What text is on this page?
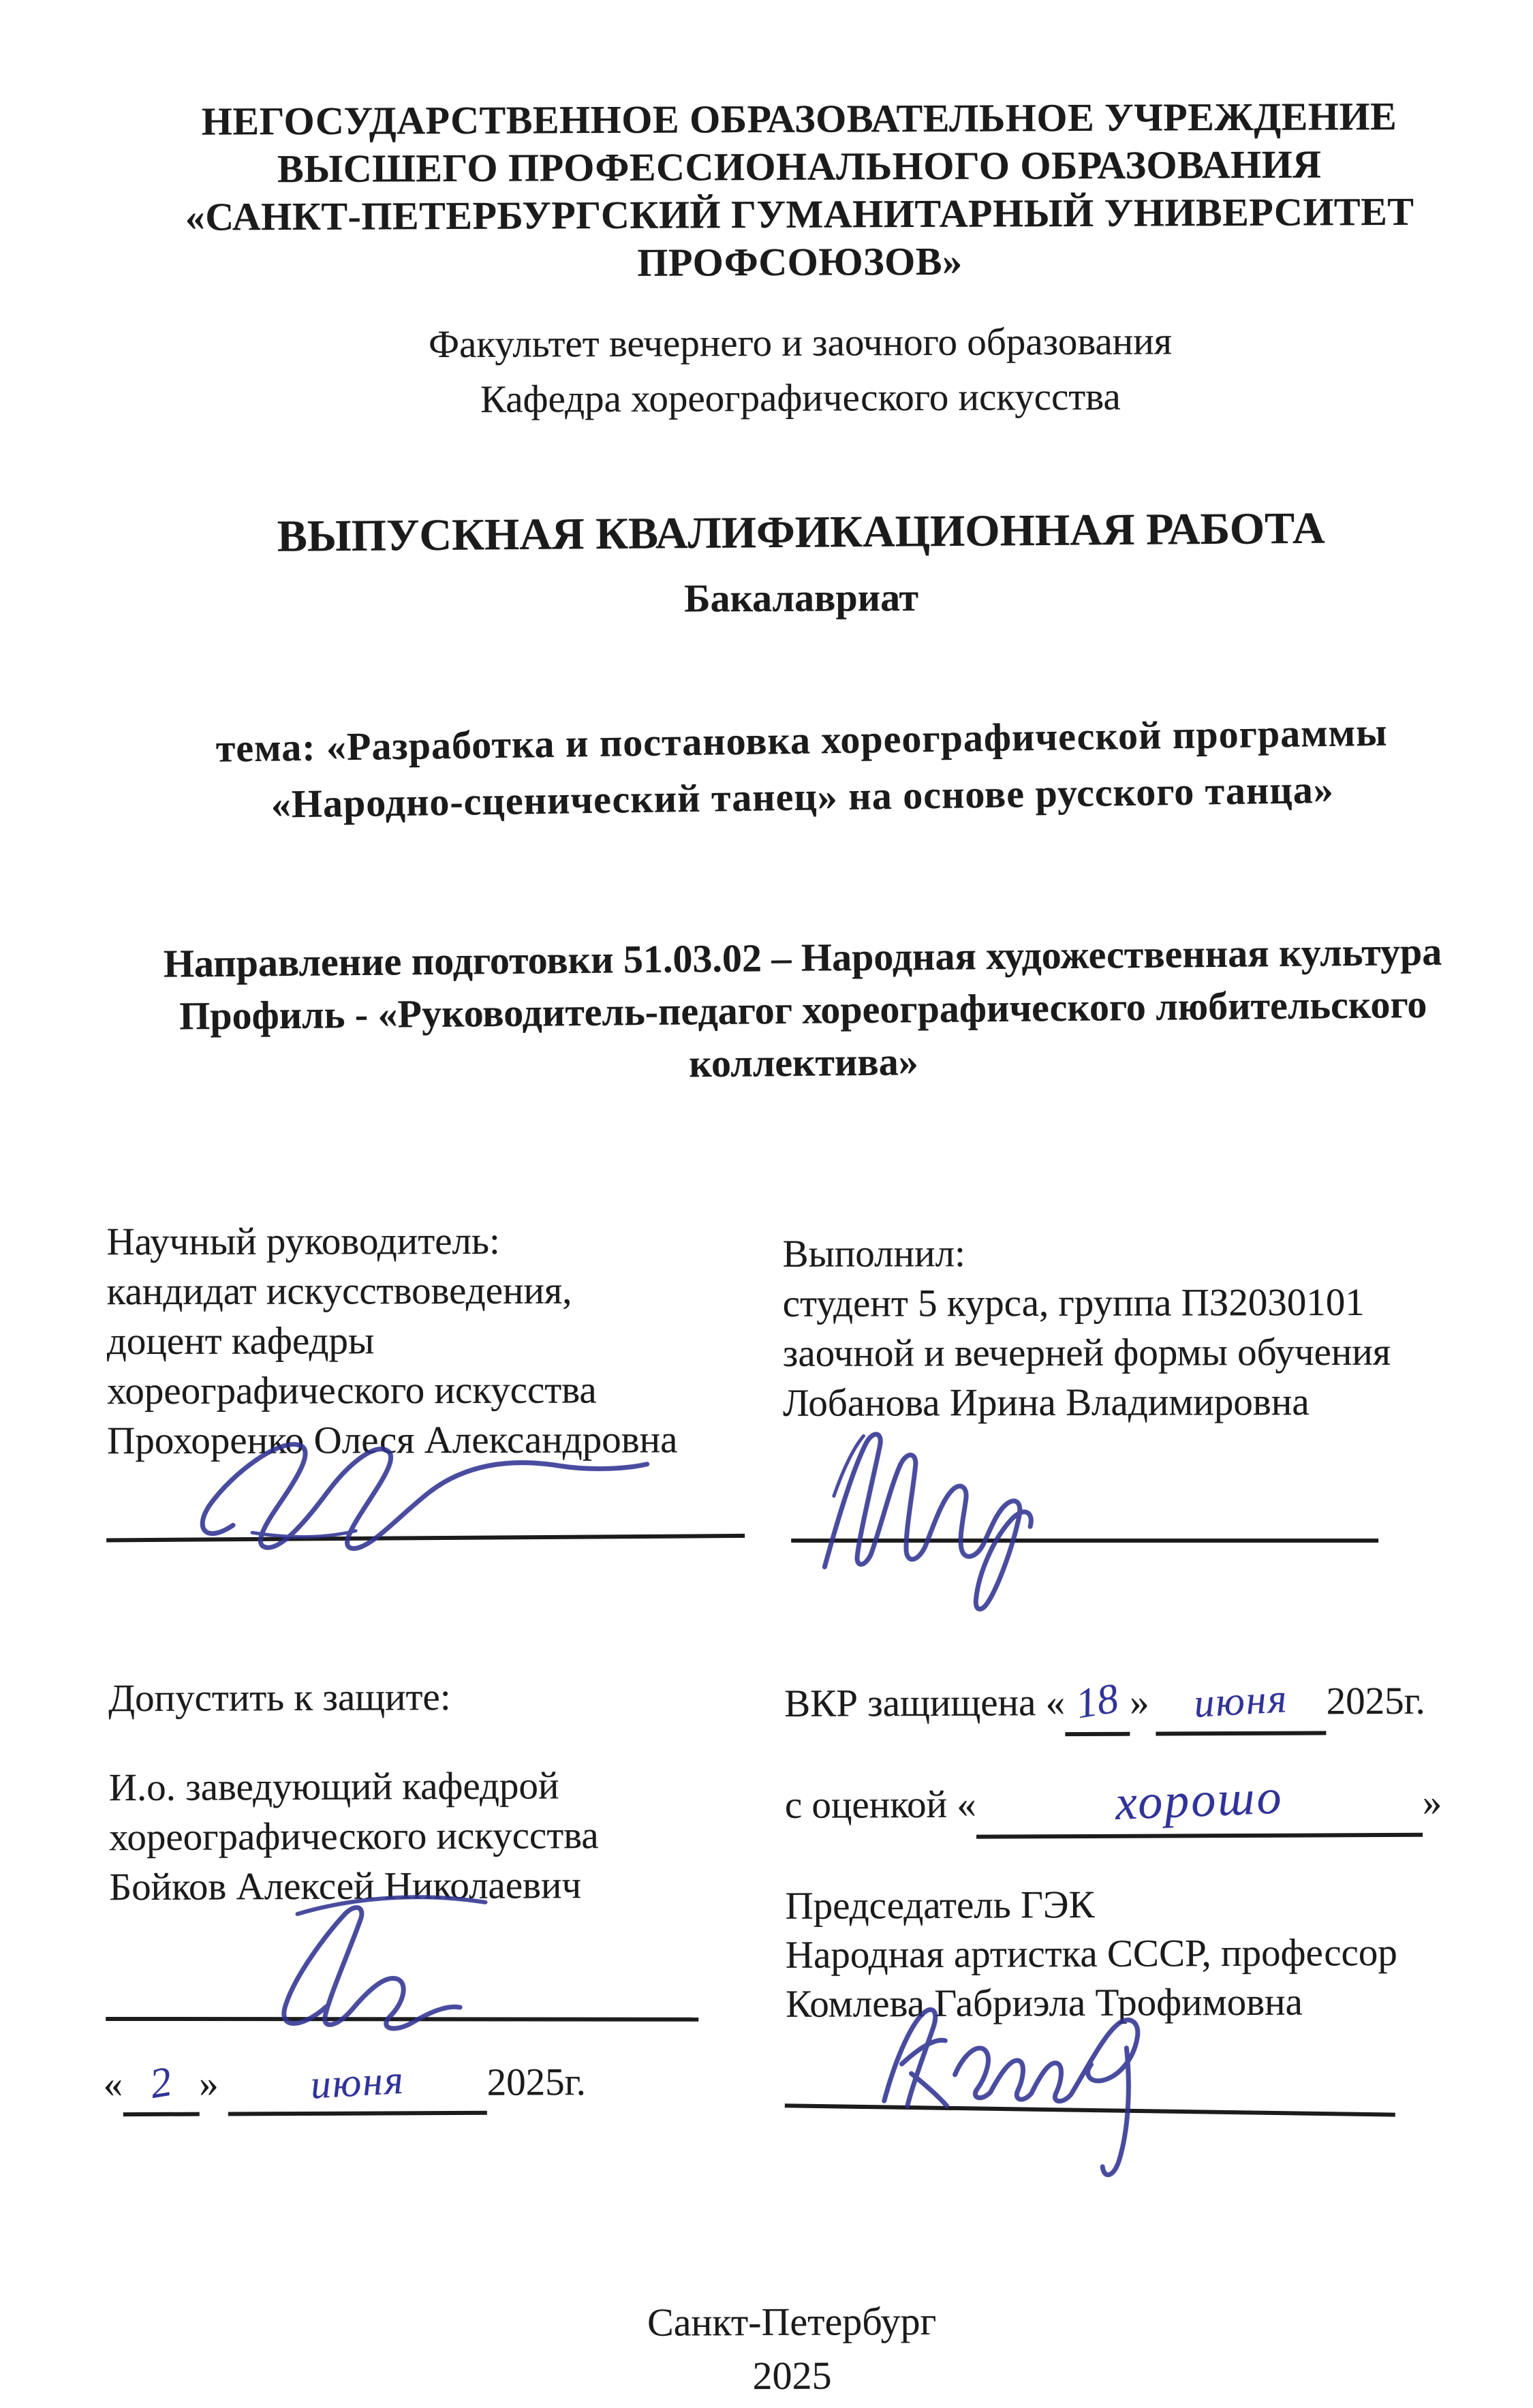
НЕГОСУДАРСТВЕННОЕ ОБРАЗОВАТЕЛЬНОЕ УЧРЕЖДЕНИЕ
ВЫСШЕГО ПРОФЕССИОНАЛЬНОГО ОБРАЗОВАНИЯ
«САНКТ-ПЕТЕРБУРГСКИЙ ГУМАНИТАРНЫЙ УНИВЕРСИТЕТ
ПРОФСОЮЗОВ»
Факультет вечернего и заочного образования
Кафедра хореографического искусства
ВЫПУСКНАЯ КВАЛИФИКАЦИОННАЯ РАБОТА
Бакалавриат
тема: «Разработка и постановка хореографической программы
«Народно-сценический танец» на основе русского танца»
Направление подготовки 51.03.02 – Народная художественная культура
Профиль - «Руководитель-педагог хореографического любительского
коллектива»
Научный руководитель:
кандидат искусствоведения,
доцент кафедры
хореографического искусства
Прохоренко Олеся Александровна
Выполнил:
студент 5 курса, группа ПЗ2030101
заочной и вечерней формы обучения
Лобанова Ирина Владимировна
Допустить к защите:
И.о. заведующий кафедрой
хореографического искусства
Бойков Алексей Николаевич
« 2 » июня 2025г.
ВКР защищена « 18 » июня 2025г.
с оценкой «	хорошо	»
Председатель ГЭК
Народная артистка СССР, профессор
Комлева Габриэла Трофимовна
Санкт-Петербург
2025
